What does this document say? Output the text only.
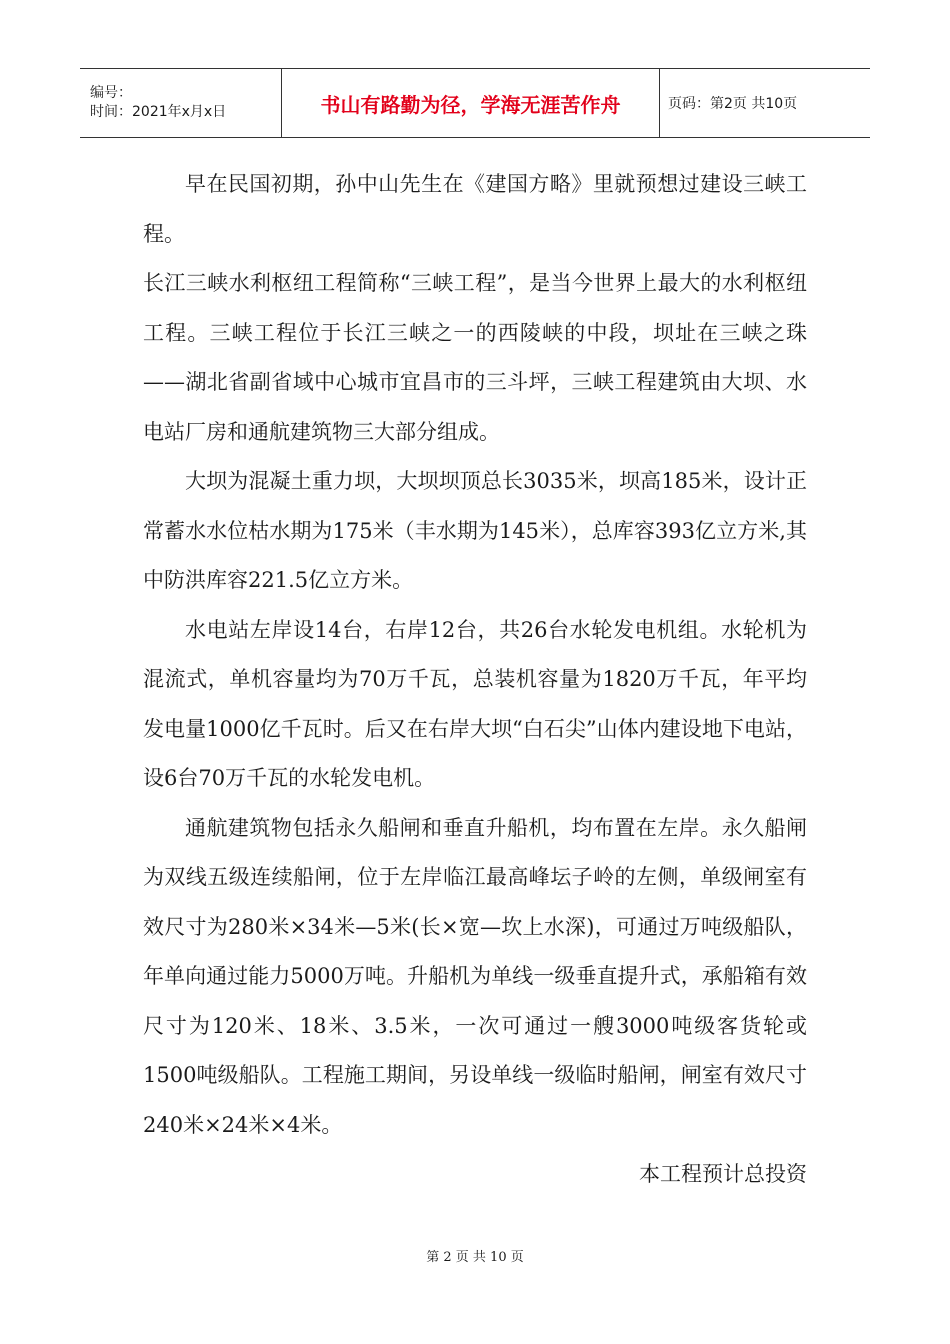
编号：
时间：2021年x月x日	书山有路勤为径，学海无涯苦作舟	页码：第2页 共10页

早在民国初期，孙中山先生在《建国方略》里就预想过建设三峡工程。

长江三峡水利枢纽工程简称“三峡工程”，是当今世界上最大的水利枢纽工程。三峡工程位于长江三峡之一的西陵峡的中段，坝址在三峡之珠——湖北省副省域中心城市宜昌市的三斗坪，三峡工程建筑由大坝、水电站厂房和通航建筑物三大部分组成。

大坝为混凝土重力坝，大坝坝顶总长3035米，坝高185米，设计正常蓄水水位枯水期为175米（丰水期为145米），总库容393亿立方米,其中防洪库容221.5亿立方米。

水电站左岸设14台，右岸12台，共26台水轮发电机组。水轮机为混流式，单机容量均为70万千瓦，总装机容量为1820万千瓦，年平均发电量1000亿千瓦时。后又在右岸大坝“白石尖”山体内建设地下电站，设6台70万千瓦的水轮发电机。

通航建筑物包括永久船闸和垂直升船机，均布置在左岸。永久船闸为双线五级连续船闸，位于左岸临江最高峰坛子岭的左侧，单级闸室有效尺寸为280米×34米—5米(长×宽—坎上水深)，可通过万吨级船队，年单向通过能力5000万吨。升船机为单线一级垂直提升式，承船箱有效尺寸为120米、18米、3.5米，一次可通过一艘3000吨级客货轮或1500吨级船队。工程施工期间，另设单线一级临时船闸，闸室有效尺寸240米×24米×4米。

本工程预计总投资

第 2 页 共 10 页
